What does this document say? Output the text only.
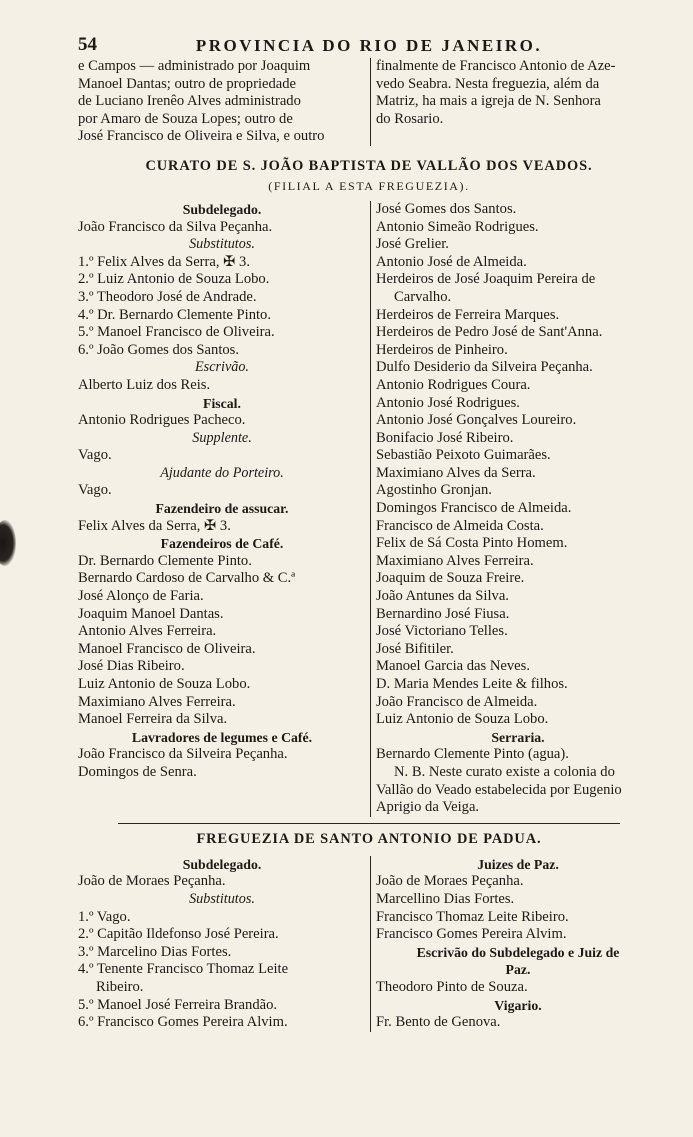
54	PROVINCIA DO RIO DE JANEIRO.
e Campos — administrado por Joaquim
Manoel Dantas; outro de propriedade
de Luciano Irenêo Alves administrado
por Amaro de Souza Lopes; outro de
José Francisco de Oliveira e Silva, e outro
finalmente de Francisco Antonio de Aze-
vedo Seabra. Nesta freguezia, além da
Matriz, ha mais a igreja de N. Senhora
do Rosario.
CURATO DE S. JOÃO BAPTISTA DE VALLÃO DOS VEADOS.
(FILIAL A ESTA FREGUEZIA).
Subdelegado.
João Francisco da Silva Peçanha.
Substitutos.
1.º Felix Alves da Serra, ✠ 3.
2.º Luiz Antonio de Souza Lobo.
3.º Theodoro José de Andrade.
4.º Dr. Bernardo Clemente Pinto.
5.º Manoel Francisco de Oliveira.
6.º João Gomes dos Santos.
Escrivão.
Alberto Luiz dos Reis.
Fiscal.
Antonio Rodrigues Pacheco.
Supplente.
Vago.
Ajudante do Porteiro.
Vago.
Fazendeiro de assucar.
Felix Alves da Serra, ✠ 3.
Fazendeiros de Café.
Dr. Bernardo Clemente Pinto.
Bernardo Cardoso de Carvalho & C.ª
José Alonço de Faria.
Joaquim Manoel Dantas.
Antonio Alves Ferreira.
Manoel Francisco de Oliveira.
José Dias Ribeiro.
Luiz Antonio de Souza Lobo.
Maximiano Alves Ferreira.
Manoel Ferreira da Silva.
Lavradores de legumes e Café.
João Francisco da Silveira Peçanha.
Domingos de Senra.
José Gomes dos Santos.
Antonio Simeão Rodrigues.
José Grelier.
Antonio José de Almeida.
Herdeiros de José Joaquim Pereira de
Carvalho.
Herdeiros de Ferreira Marques.
Herdeiros de Pedro José de Sant'Anna.
Herdeiros de Pinheiro.
Dulfo Desiderio da Silveira Peçanha.
Antonio Rodrigues Coura.
Antonio José Rodrigues.
Antonio José Gonçalves Loureiro.
Bonifacio José Ribeiro.
Sebastião Peixoto Guimarães.
Maximiano Alves da Serra.
Agostinho Gronjan.
Domingos Francisco de Almeida.
Francisco de Almeida Costa.
Felix de Sá Costa Pinto Homem.
Maximiano Alves Ferreira.
Joaquim de Souza Freire.
João Antunes da Silva.
Bernardino José Fiusa.
José Victoriano Telles.
José Bifitiler.
Manoel Garcia das Neves.
D. Maria Mendes Leite & filhos.
João Francisco de Almeida.
Luiz Antonio de Souza Lobo.
Serraria.
Bernardo Clemente Pinto (agua).
N. B. Neste curato existe a colonia do
Vallão do Veado estabelecida por Eugenio
Aprigio da Veiga.
FREGUEZIA DE SANTO ANTONIO DE PADUA.
Subdelegado.
João de Moraes Peçanha.
Substitutos.
1.º Vago.
2.º Capitão Ildefonso José Pereira.
3.º Marcelino Dias Fortes.
4.º Tenente Francisco Thomaz Leite
Ribeiro.
5.º Manoel José Ferreira Brandão.
6.º Francisco Gomes Pereira Alvim.
Juizes de Paz.
João de Moraes Peçanha.
Marcellino Dias Fortes.
Francisco Thomaz Leite Ribeiro.
Francisco Gomes Pereira Alvim.
Escrivão do Subdelegado e Juiz de
Paz.
Theodoro Pinto de Souza.
Vigario.
Fr. Bento de Genova.
